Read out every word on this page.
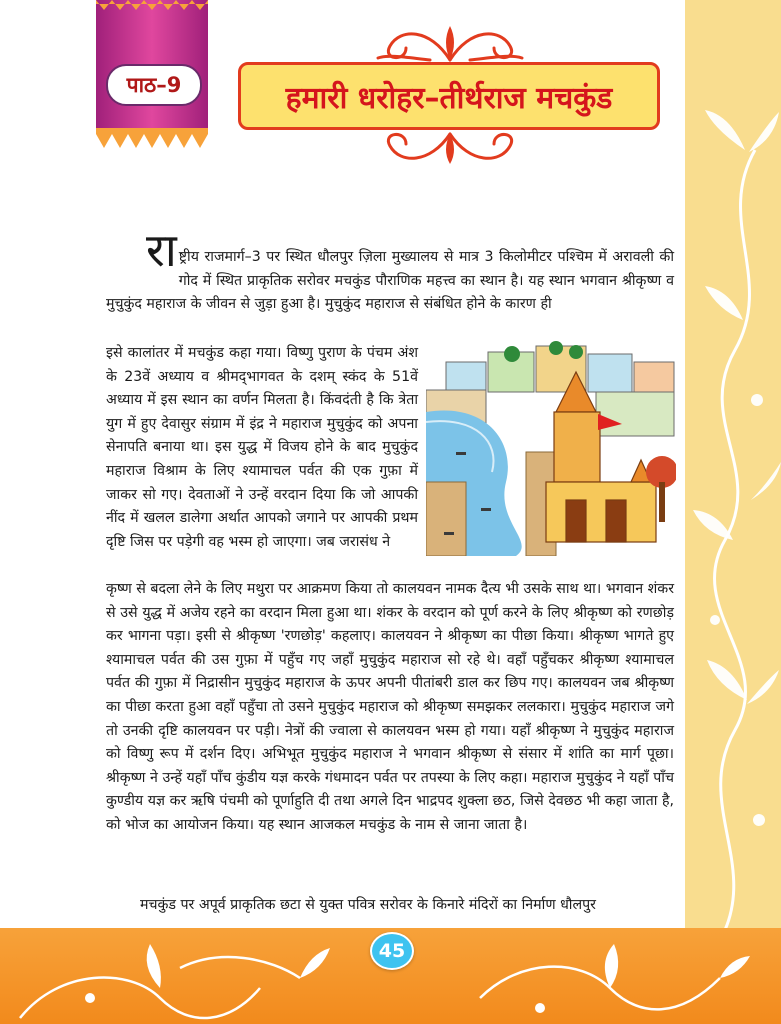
45
पाठ–9	हमारी धरोहर–तीर्थराज मचकुंड
राष्ट्रीय राजमार्ग–3 पर स्थित धौलपुर ज़िला मुख्यालय से मात्र 3 किलोमीटर पश्चिम में अरावली की गोद में स्थित प्राकृतिक सरोवर मचकुंड पौराणिक महत्त्व का स्थान है। यह स्थान भगवान श्रीकृष्ण व मुचुकुंद महाराज के जीवन से जुड़ा हुआ है। मुचुकुंद महाराज से संबंधित होने के कारण ही
इसे कालांतर में मचकुंड कहा गया। विष्णु पुराण के पंचम अंश के 23वें अध्याय व श्रीमद्‌भागवत के दशम् स्कंद के 51वें अध्याय में इस स्थान का वर्णन मिलता है। किंवदंती है कि त्रेता युग में हुए देवासुर संग्राम में इंद्र ने महाराज मुचुकुंद को अपना सेनापति बनाया था। इस युद्ध में विजय होने के बाद मुचुकुंद महाराज विश्राम के लिए श्यामाचल पर्वत की एक गुफ़ा में जाकर सो गए। देवताओं ने उन्हें वरदान दिया कि जो आपकी नींद में खलल डालेगा अर्थात आपको जगाने पर आपकी प्रथम दृष्टि जिस पर पड़ेगी वह भस्म हो जाएगा। जब जरासंध ने
कृष्ण से बदला लेने के लिए मथुरा पर आक्रमण किया तो कालयवन नामक दैत्य भी उसके साथ था। भगवान शंकर से उसे युद्ध में अजेय रहने का वरदान मिला हुआ था। शंकर के वरदान को पूर्ण करने के लिए श्रीकृष्ण को रणछोड़ कर भागना पड़ा। इसी से श्रीकृष्ण 'रणछोड़' कहलाए। कालयवन ने श्रीकृष्ण का पीछा किया। श्रीकृष्ण भागते हुए श्यामाचल पर्वत की उस गुफ़ा में पहुँच गए जहाँ मुचुकुंद महाराज सो रहे थे। वहाँ पहुँचकर श्रीकृष्ण श्यामाचल पर्वत की गुफ़ा में निद्रासीन मुचुकुंद महाराज के ऊपर अपनी पीतांबरी डाल कर छिप गए। कालयवन जब श्रीकृष्ण का पीछा करता हुआ वहाँ पहुँचा तो उसने मुचुकुंद महाराज को श्रीकृष्ण समझकर ललकारा। मुचुकुंद महाराज जगे तो उनकी दृष्टि कालयवन पर पड़ी। नेत्रों की ज्वाला से कालयवन भस्म हो गया। यहाँ श्रीकृष्ण ने मुचुकुंद महाराज को विष्णु रूप में दर्शन दिए। अभिभूत मुचुकुंद महाराज ने भगवान श्रीकृष्ण से संसार में शांति का मार्ग पूछा। श्रीकृष्ण ने उन्हें यहाँ पाँच कुंडीय यज्ञ करके गंधमादन पर्वत पर तपस्या के लिए कहा। महाराज मुचुकुंद ने यहाँ पाँच कुण्डीय यज्ञ कर ऋषि पंचमी को पूर्णाहुति दी तथा अगले दिन भाद्रपद शुक्ला छठ, जिसे देवछठ भी कहा जाता है, को भोज का आयोजन किया। यह स्थान आजकल मचकुंड के नाम से जाना जाता है।
मचकुंड पर अपूर्व प्राकृतिक छटा से युक्त पवित्र सरोवर के किनारे मंदिरों का निर्माण धौलपुर
